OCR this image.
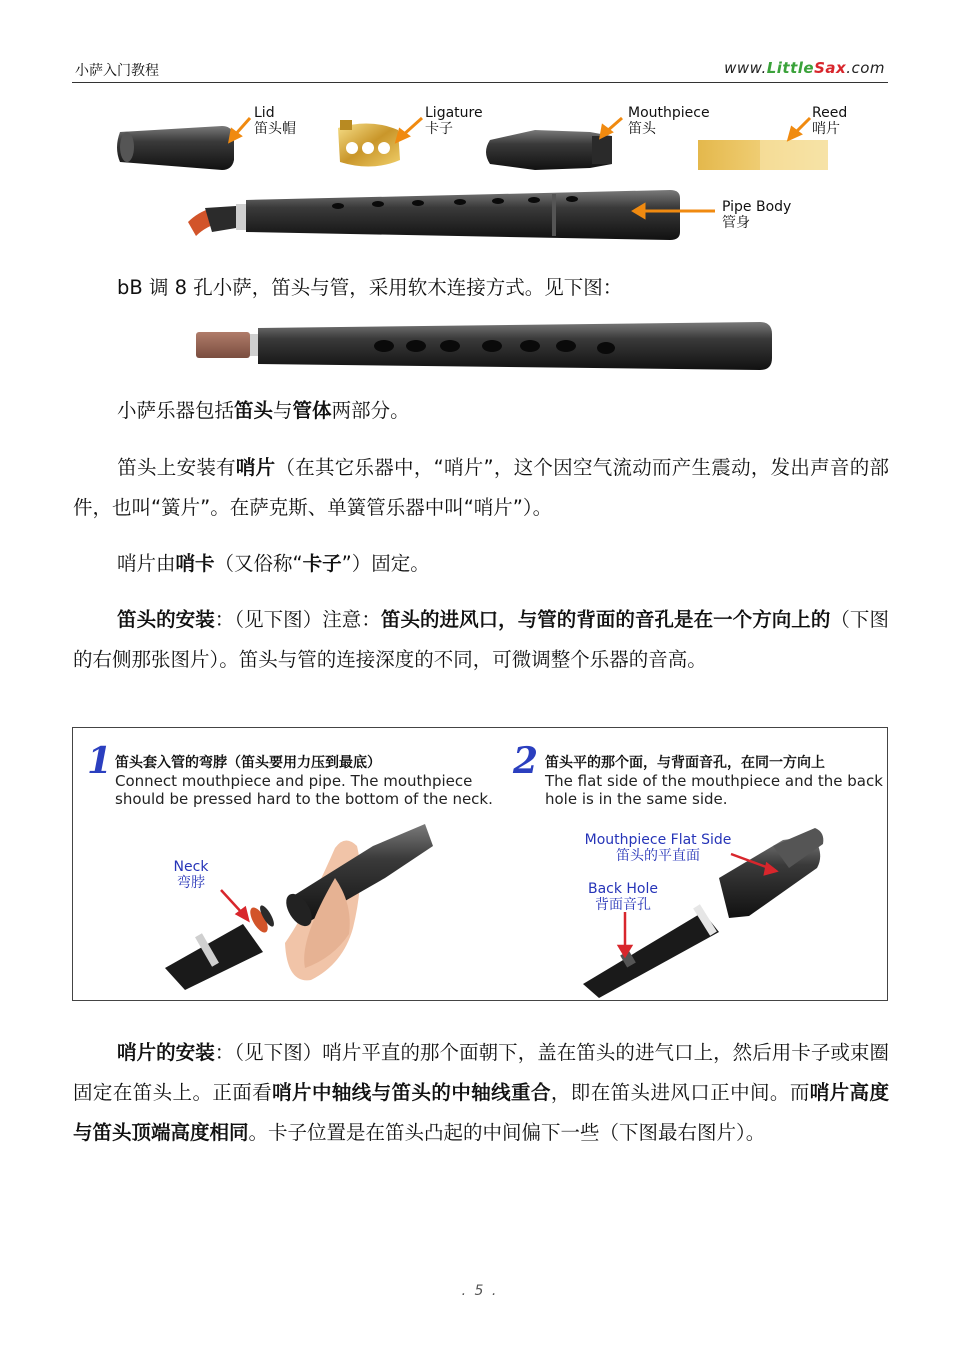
小萨入门教程	www.LittleSax.com
Lid
笛头帽
Ligature
卡子
Mouthpiece
笛头
Reed
哨片
Pipe Body
管身
bB 调 8 孔小萨，笛头与管，采用软木连接方式。见下图：
小萨乐器包括笛头与管体两部分。
笛头上安装有哨片（在其它乐器中，“哨片”，这个因空气流动而产生震动，发出声音的部件，也叫“簧片”。在萨克斯、单簧管乐器中叫“哨片”）。
哨片由哨卡（又俗称“卡子”）固定。
笛头的安装：（见下图）注意：笛头的进风口，与管的背面的音孔是在一个方向上的（下图的右侧那张图片）。笛头与管的连接深度的不同，可微调整个乐器的音高。
1 笛头套入管的弯脖（笛头要用力压到最底）
Connect mouthpiece and pipe. The mouthpiece
should be pressed hard to the bottom of the neck.
2 笛头平的那个面，与背面音孔，在同一方向上
The flat side of the mouthpiece and the back
hole is in the same side.
Neck
弯脖
Mouthpiece Flat Side
笛头的平直面
Back Hole
背面音孔
哨片的安装：（见下图）哨片平直的那个面朝下，盖在笛头的进气口上，然后用卡子或束圈固定在笛头上。正面看哨片中轴线与笛头的中轴线重合，即在笛头进风口正中间。而哨片高度与笛头顶端高度相同。卡子位置是在笛头凸起的中间偏下一些（下图最右图片）。
. 5 .
